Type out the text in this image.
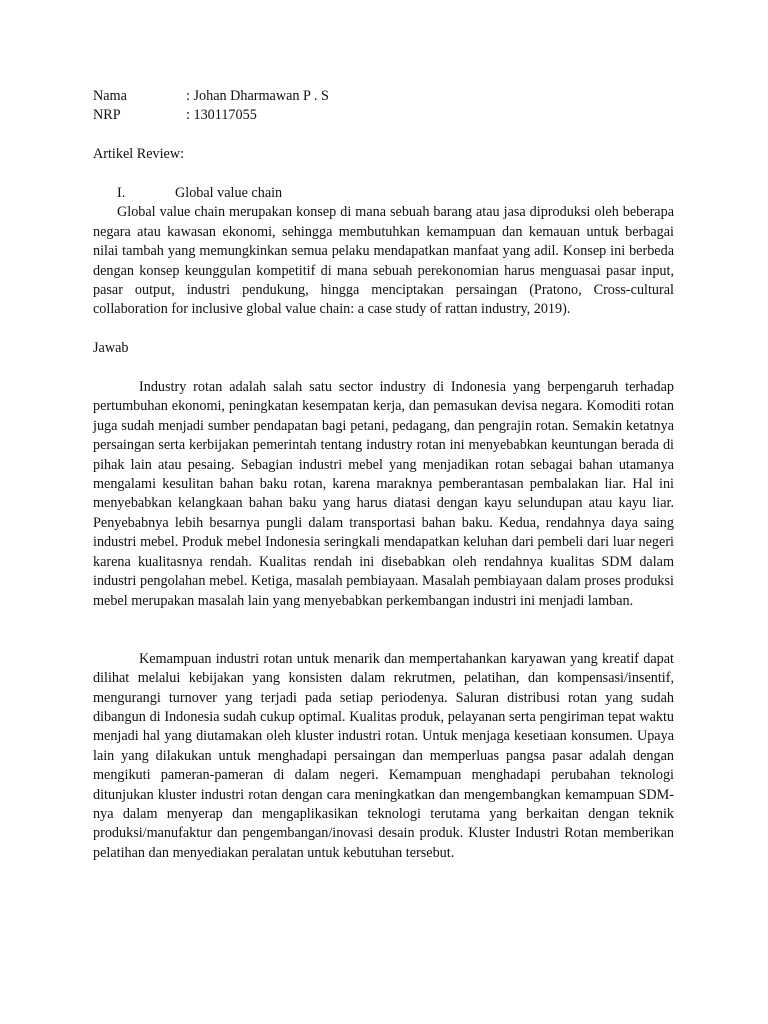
Nama	: Johan Dharmawan P . S
NRP	: 130117055
Artikel Review:
I.	Global value chain

Global value chain merupakan konsep di mana sebuah barang atau jasa diproduksi oleh beberapa negara atau kawasan ekonomi, sehingga membutuhkan kemampuan dan kemauan untuk berbagai nilai tambah yang memungkinkan semua pelaku mendapatkan manfaat yang adil. Konsep ini berbeda dengan konsep keunggulan kompetitif di mana sebuah perekonomian harus menguasai pasar input, pasar output, industri pendukung, hingga menciptakan persaingan (Pratono, Cross-cultural collaboration for inclusive global value chain: a case study of rattan industry, 2019).

Jawab

Industry rotan adalah salah satu sector industry di Indonesia yang berpengaruh terhadap pertumbuhan ekonomi, peningkatan kesempatan kerja, dan pemasukan devisa negara. Komoditi rotan juga sudah menjadi sumber pendapatan bagi petani, pedagang, dan pengrajin rotan. Semakin ketatnya persaingan serta kerbijakan pemerintah tentang industry rotan ini menyebabkan keuntungan berada di pihak lain atau pesaing. Sebagian industri mebel yang menjadikan rotan sebagai bahan utamanya mengalami kesulitan bahan baku rotan, karena maraknya pemberantasan pembalakan liar. Hal ini menyebabkan kelangkaan bahan baku yang harus diatasi dengan kayu selundupan atau kayu liar. Penyebabnya lebih besarnya pungli dalam transportasi bahan baku. Kedua, rendahnya daya saing industri mebel. Produk mebel Indonesia seringkali mendapatkan keluhan dari pembeli dari luar negeri karena kualitasnya rendah. Kualitas rendah ini disebabkan oleh rendahnya kualitas SDM dalam industri pengolahan mebel. Ketiga, masalah pembiayaan. Masalah pembiayaan dalam proses produksi mebel merupakan masalah lain yang menyebabkan perkembangan industri ini menjadi lamban.

Kemampuan industri rotan untuk menarik dan mempertahankan karyawan yang kreatif dapat dilihat melalui kebijakan yang konsisten dalam rekrutmen, pelatihan, dan kompensasi/insentif, mengurangi turnover yang terjadi pada setiap periodenya. Saluran distribusi rotan yang sudah dibangun di Indonesia sudah cukup optimal. Kualitas produk, pelayanan serta pengiriman tepat waktu menjadi hal yang diutamakan oleh kluster industri rotan. Untuk menjaga kesetiaan konsumen. Upaya lain yang dilakukan untuk menghadapi persaingan dan memperluas pangsa pasar adalah dengan mengikuti pameran-pameran di dalam negeri. Kemampuan menghadapi perubahan teknologi ditunjukan kluster industri rotan dengan cara meningkatkan dan mengembangkan kemampuan SDM-nya dalam menyerap dan mengaplikasikan teknologi terutama yang berkaitan dengan teknik produksi/manufaktur dan pengembangan/inovasi desain produk. Kluster Industri Rotan memberikan pelatihan dan menyediakan peralatan untuk kebutuhan tersebut.
